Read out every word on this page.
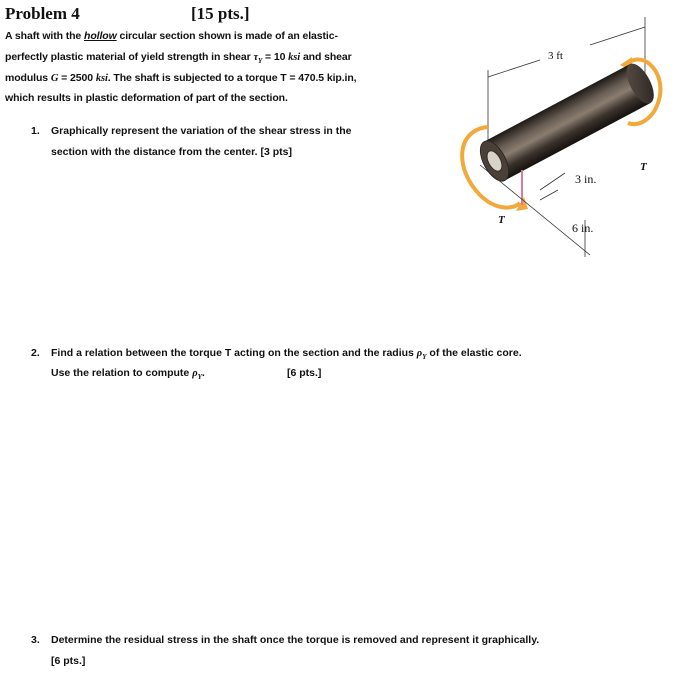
Problem 4	[15 pts.]
A shaft with the hollow circular section shown is made of an elastic-
perfectly plastic material of yield strength in shear $\tau_Y = 10$ ksi and shear
modulus G = 2500 ksi. The shaft is subjected to a torque T = 470.5 kip.in,
which results in plastic deformation of part of the section.
1. Graphically represent the variation of the shear stress in the
section with the distance from the center. [3 pts]
2. Find a relation between the torque T acting on the section and the radius $\rho_Y$ of the elastic core.
Use the relation to compute $\rho_Y$.	[6 pts.]
3. Determine the residual stress in the shaft once the torque is removed and represent it graphically.
[6 pts.]
3 ft
T
T
3 in.
6 in.
